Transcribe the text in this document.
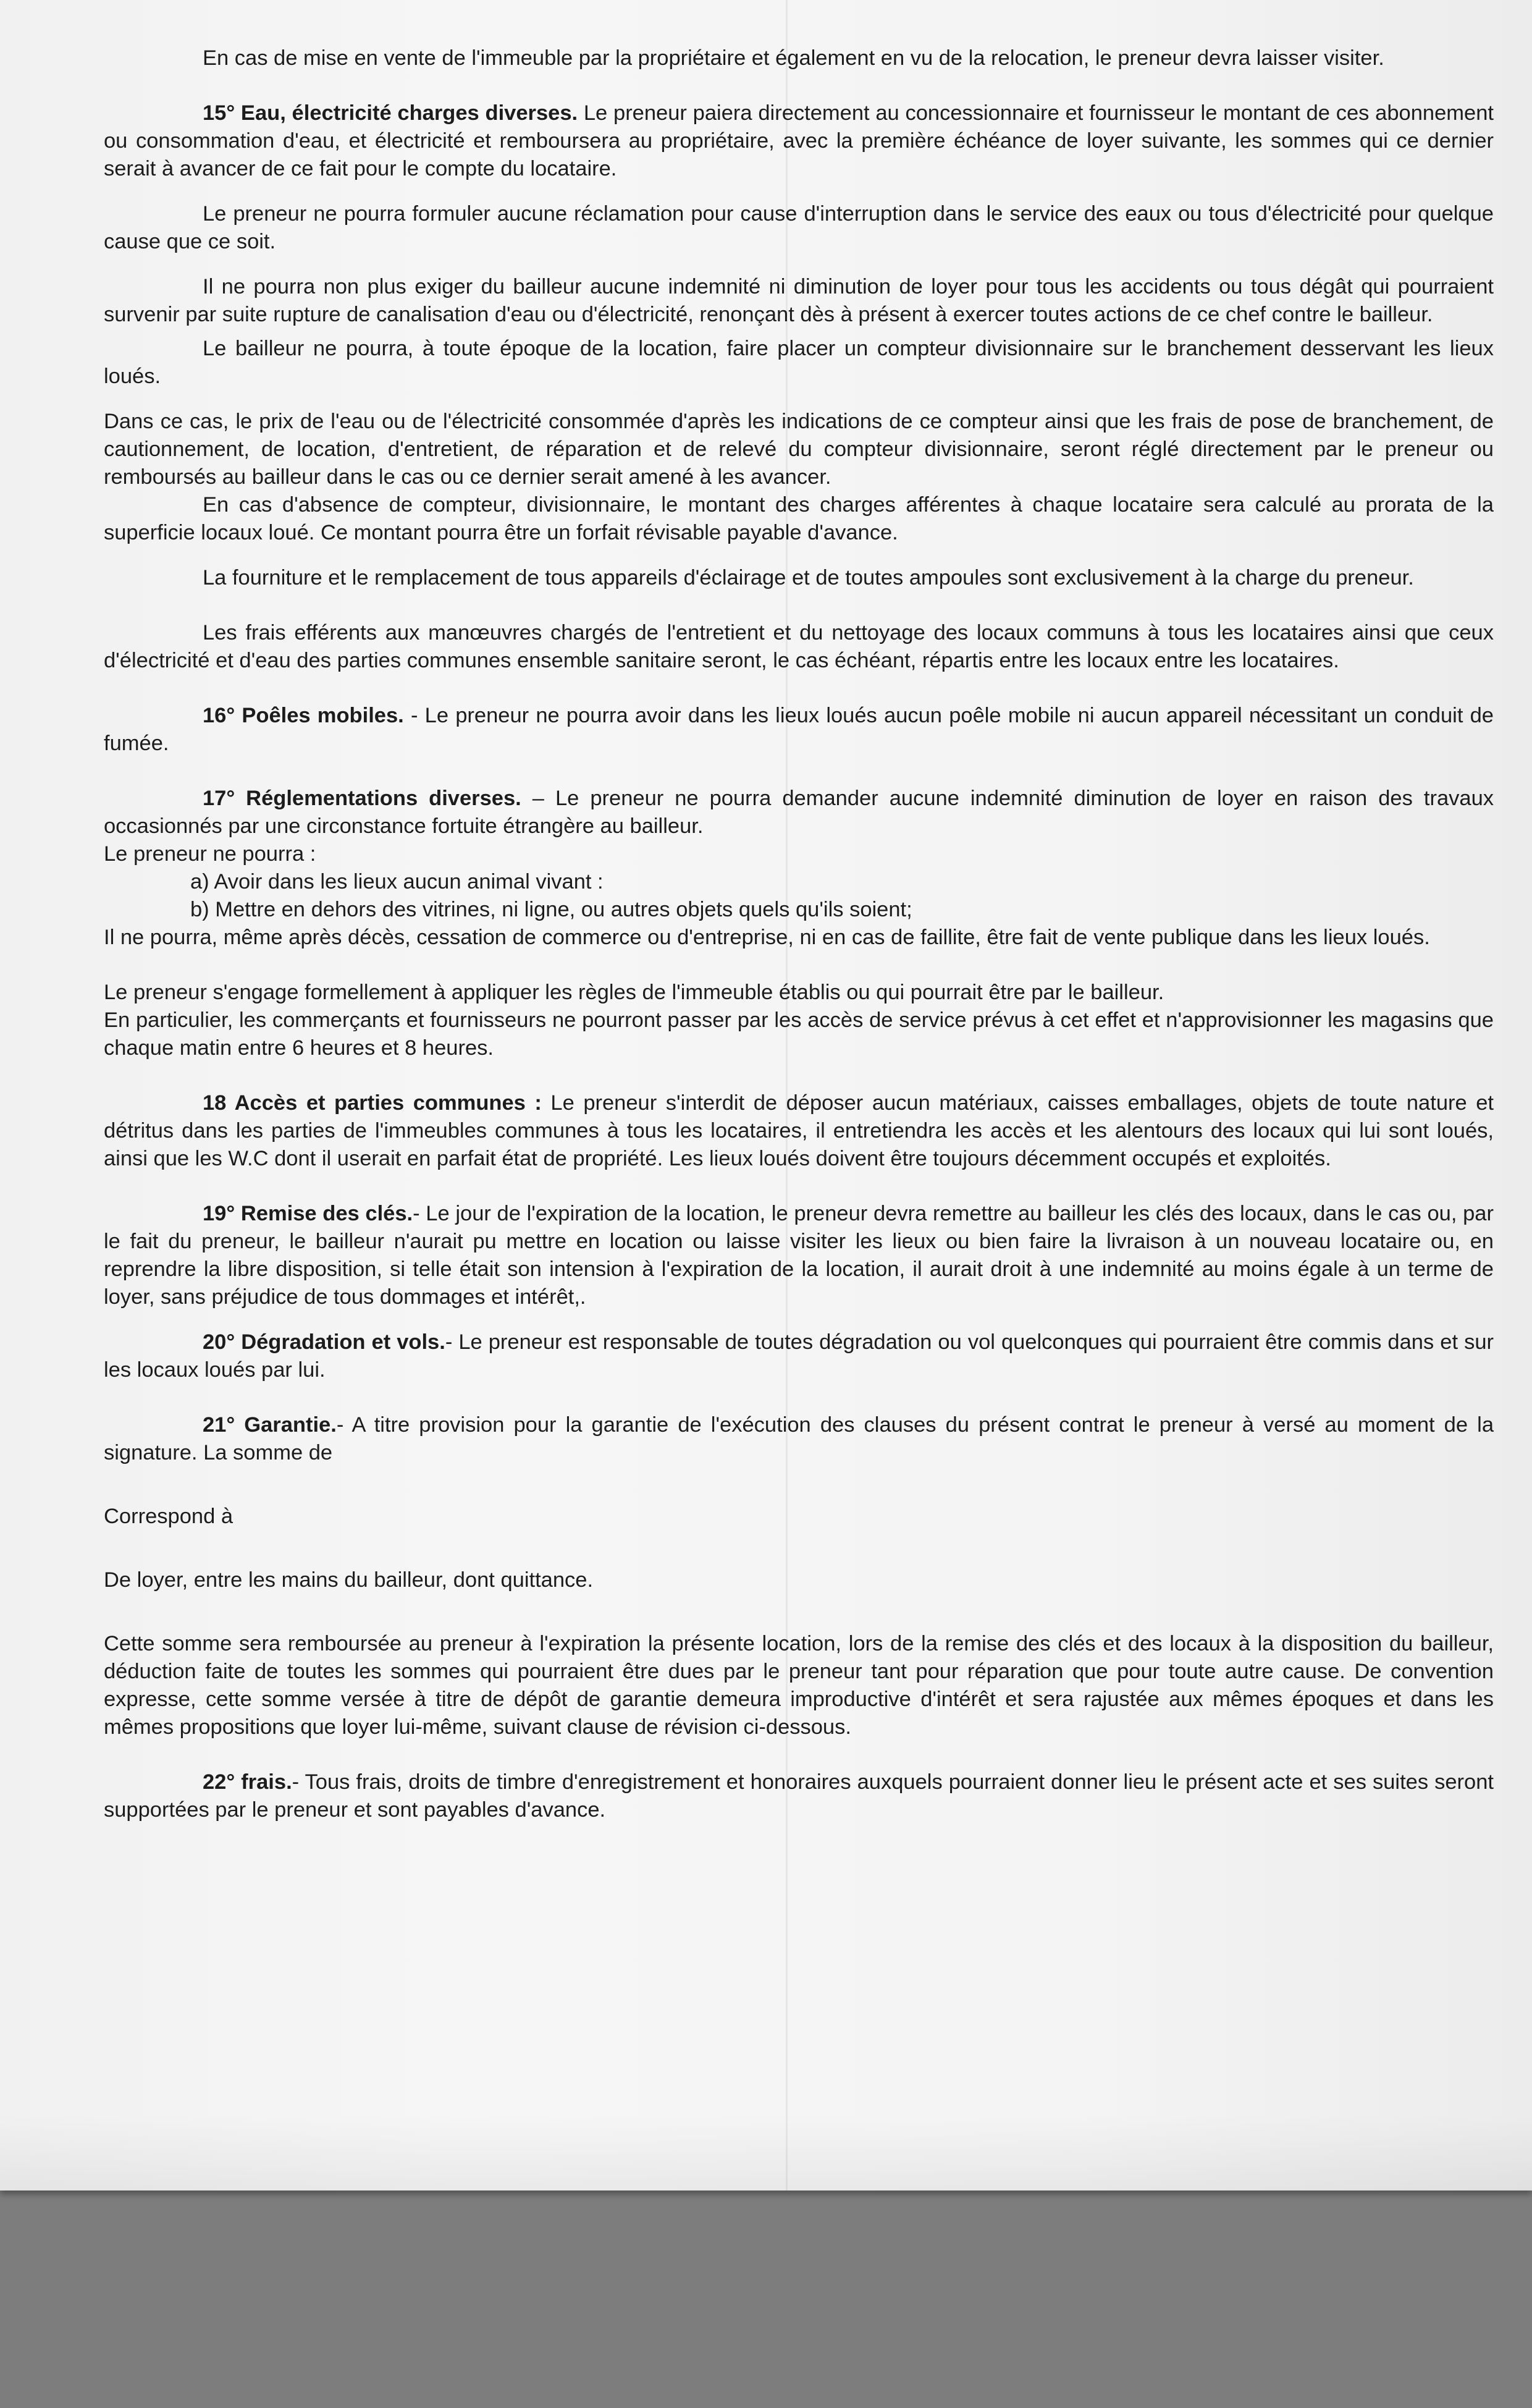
En cas de mise en vente de l'immeuble par la propriétaire et également en vu de la relocation, le preneur devra laisser visiter.

15° Eau, électricité charges diverses. Le preneur paiera directement au concessionnaire et fournisseur le montant de ces abonnement ou consommation d'eau, et électricité et remboursera au propriétaire, avec la première échéance de loyer suivante, les sommes qui ce dernier serait à avancer de ce fait pour le compte du locataire.

Le preneur ne pourra formuler aucune réclamation pour cause d'interruption dans le service des eaux ou tous d'électricité pour quelque cause que ce soit.

Il ne pourra non plus exiger du bailleur aucune indemnité ni diminution de loyer pour tous les accidents ou tous dégât qui pourraient survenir par suite rupture de canalisation d'eau ou d'électricité, renonçant dès à présent à exercer toutes actions de ce chef contre le bailleur.

Le bailleur ne pourra, à toute époque de la location, faire placer un compteur divisionnaire sur le branchement desservant les lieux loués.

Dans ce cas, le prix de l'eau ou de l'électricité consommée d'après les indications de ce compteur ainsi que les frais de pose de branchement, de cautionnement, de location, d'entretient, de réparation et de relevé du compteur divisionnaire, seront réglé directement par le preneur ou remboursés au bailleur dans le cas ou ce dernier serait amené à les avancer.

En cas d'absence de compteur, divisionnaire, le montant des charges afférentes à chaque locataire sera calculé au prorata de la superficie locaux loué. Ce montant pourra être un forfait révisable payable d'avance.

La fourniture et le remplacement de tous appareils d'éclairage et de toutes ampoules sont exclusivement à la charge du preneur.

Les frais efférents aux manœuvres chargés de l'entretient et du nettoyage des locaux communs à tous les locataires ainsi que ceux d'électricité et d'eau des parties communes ensemble sanitaire seront, le cas échéant, répartis entre les locaux entre les locataires.

16° Poêles mobiles. - Le preneur ne pourra avoir dans les lieux loués aucun poêle mobile ni aucun appareil nécessitant un conduit de fumée.

17° Réglementations diverses. – Le preneur ne pourra demander aucune indemnité diminution de loyer en raison des travaux occasionnés par une circonstance fortuite étrangère au bailleur.

Le preneur ne pourra :

a) Avoir dans les lieux aucun animal vivant :

b) Mettre en dehors des vitrines, ni ligne, ou autres objets quels qu'ils soient;

Il ne pourra, même après décès, cessation de commerce ou d'entreprise, ni en cas de faillite, être fait de vente publique dans les lieux loués.

Le preneur s'engage formellement à appliquer les règles de l'immeuble établis ou qui pourrait être par le bailleur.

En particulier, les commerçants et fournisseurs ne pourront passer par les accès de service prévus à cet effet et n'approvisionner les magasins que chaque matin entre 6 heures et 8 heures.

18 Accès et parties communes : Le preneur s'interdit de déposer aucun matériaux, caisses emballages, objets de toute nature et détritus dans les parties de l'immeubles communes à tous les locataires, il entretiendra les accès et les alentours des locaux qui lui sont loués, ainsi que les W.C dont il userait en parfait état de propriété. Les lieux loués doivent être toujours décemment occupés et exploités.

19° Remise des clés.- Le jour de l'expiration de la location, le preneur devra remettre au bailleur les clés des locaux, dans le cas ou, par le fait du preneur, le bailleur n'aurait pu mettre en location ou laisse visiter les lieux ou bien faire la livraison à un nouveau locataire ou, en reprendre la libre disposition, si telle était son intension à l'expiration de la location, il aurait droit à une indemnité au moins égale à un terme de loyer, sans préjudice de tous dommages et intérêt,.

20° Dégradation et vols.- Le preneur est responsable de toutes dégradation ou vol quelconques qui pourraient être commis dans et sur les locaux loués par lui.

21° Garantie.- A titre provision pour la garantie de l'exécution des clauses du présent contrat le preneur à versé au moment de la signature. La somme de

Correspond à

De loyer, entre les mains du bailleur, dont quittance.

Cette somme sera remboursée au preneur à l'expiration la présente location, lors de la remise des clés et des locaux à la disposition du bailleur, déduction faite de toutes les sommes qui pourraient être dues par le preneur tant pour réparation que pour toute autre cause. De convention expresse, cette somme versée à titre de dépôt de garantie demeura improductive d'intérêt et sera rajustée aux mêmes époques et dans les mêmes propositions que loyer lui-même, suivant clause de révision ci-dessous.

22° frais.- Tous frais, droits de timbre d'enregistrement et honoraires auxquels pourraient donner lieu le présent acte et ses suites seront supportées par le preneur et sont payables d'avance.
